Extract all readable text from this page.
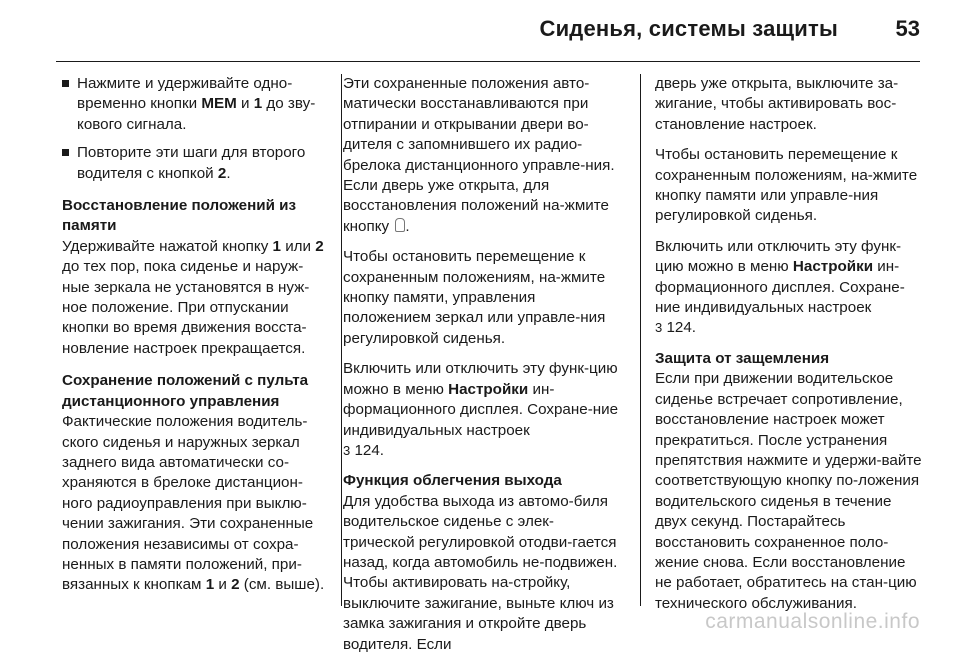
Сиденья, системы защиты	53
Нажмите и удерживайте одно-временно кнопки MEM и 1 до зву-кового сигнала.
Повторите эти шаги для второго водителя с кнопкой 2.
Восстановление положений из памяти
Удерживайте нажатой кнопку 1 или 2 до тех пор, пока сиденье и наруж-ные зеркала не установятся в нуж-ное положение. При отпускании кнопки во время движения восста-новление настроек прекращается.
Сохранение положений с пульта дистанционного управления
Фактические положения водитель-ского сиденья и наружных зеркал заднего вида автоматически со-храняются в брелоке дистанцион-ного радиоуправления при выклю-чении зажигания. Эти сохраненные положения независимы от сохра-ненных в памяти положений, при-вязанных к кнопкам 1 и 2 (см. выше).

Эти сохраненные положения авто-матически восстанавливаются при отпирании и открывании двери во-дителя с запомнившего их радио-брелока дистанционного управле-ния. Если дверь уже открыта, для восстановления положений на-жмите кнопку .

Чтобы остановить перемещение к сохраненным положениям, на-жмите кнопку памяти, управления положением зеркал или управле-ния регулировкой сиденья.

Включить или отключить эту функ-цию можно в меню Настройки ин-формационного дисплея. Сохране-ние индивидуальных настроек
3 124.

Функция облегчения выхода
Для удобства выхода из автомо-биля водительское сиденье с элек-трической регулировкой отодви-гается назад, когда автомобиль не-подвижен. Чтобы активировать на-стройку, выключите зажигание, выньте ключ из замка зажигания и откройте дверь водителя. Если

дверь уже открыта, выключите за-жигание, чтобы активировать вос-становление настроек.

Чтобы остановить перемещение к сохраненным положениям, на-жмите кнопку памяти или управле-ния регулировкой сиденья.

Включить или отключить эту функ-цию можно в меню Настройки ин-формационного дисплея. Сохране-ние индивидуальных настроек
3 124.

Защита от защемления
Если при движении водительское сиденье встречает сопротивление, восстановление настроек может прекратиться. После устранения препятствия нажмите и удержи-вайте соответствующую кнопку по-ложения водительского сиденья в течение двух секунд. Постарайтесь восстановить сохраненное поло-жение снова. Если восстановление не работает, обратитесь на стан-цию технического обслуживания.
carmanualsonline.info
